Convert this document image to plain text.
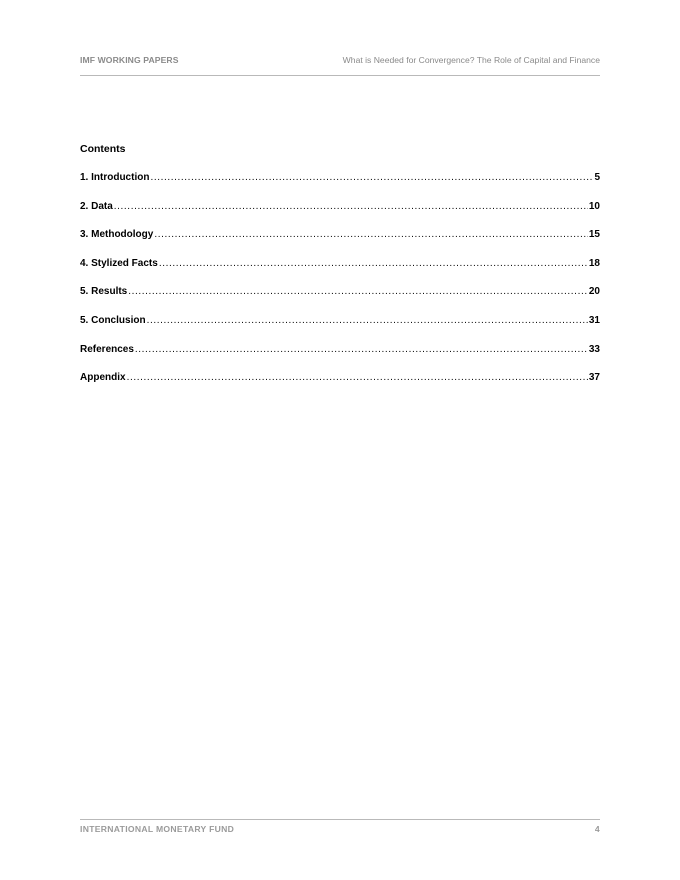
IMF WORKING PAPERS	What is Needed for Convergence? The Role of Capital and Finance
Contents
1. Introduction .....	5
2. Data .....	10
3. Methodology .....	15
4. Stylized Facts .....	18
5. Results .....	20
5. Conclusion .....	31
References .....	33
Appendix .....	37
INTERNATIONAL MONETARY FUND	4
